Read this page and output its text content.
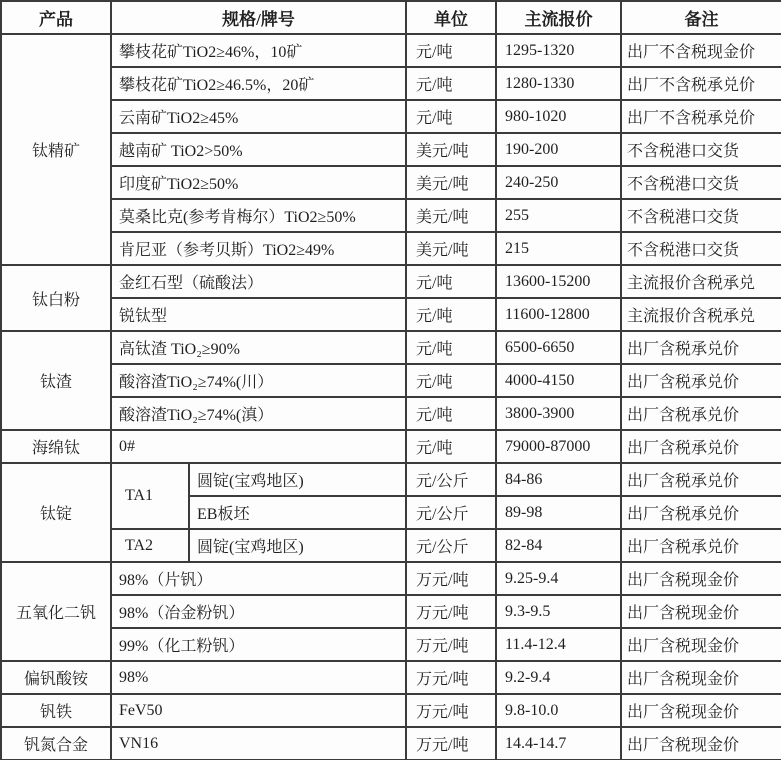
产品	规格/牌号		单位	主流报价	备注
钛精矿	攀枝花矿TiO2≥46%，10矿		元/吨	1295-1320	出厂不含税现金价
	攀枝花矿TiO2≥46.5%，20矿		元/吨	1280-1330	出厂不含税承兑价
	云南矿TiO2≥45%		元/吨	980-1020	出厂不含税承兑价
	越南矿 TiO2>50%		美元/吨	190-200	不含税港口交货
	印度矿TiO2≥50%		美元/吨	240-250	不含税港口交货
	莫桑比克(参考肯梅尔）TiO2≥50%		美元/吨	255	不含税港口交货
	肯尼亚（参考贝斯）TiO2≥49%		美元/吨	215	不含税港口交货
钛白粉	金红石型（硫酸法）		元/吨	13600-15200	主流报价含税承兑
	锐钛型		元/吨	11600-12800	主流报价含税承兑
钛渣	高钛渣 TiO₂≥90%		元/吨	6500-6650	出厂含税承兑价
	酸溶渣TiO₂≥74%(川）		元/吨	4000-4150	出厂含税承兑价
	酸溶渣TiO₂≥74%(滇）		元/吨	3800-3900	出厂含税承兑价
海绵钛	0#		元/吨	79000-87000	出厂含税承兑价
钛锭	TA1	圆锭(宝鸡地区)	元/公斤	84-86	出厂含税承兑价
		EB板坯	元/公斤	89-98	出厂含税承兑价
	TA2	圆锭(宝鸡地区)	元/公斤	82-84	出厂含税承兑价
五氧化二钒	98%（片钒）		万元/吨	9.25-9.4	出厂含税现金价
	98%（冶金粉钒）		万元/吨	9.3-9.5	出厂含税现金价
	99%（化工粉钒）		万元/吨	11.4-12.4	出厂含税现金价
偏钒酸铵	98%		万元/吨	9.2-9.4	出厂含税现金价
钒铁	FeV50		万元/吨	9.8-10.0	出厂含税现金价
钒氮合金	VN16		万元/吨	14.4-14.7	出厂含税现金价
